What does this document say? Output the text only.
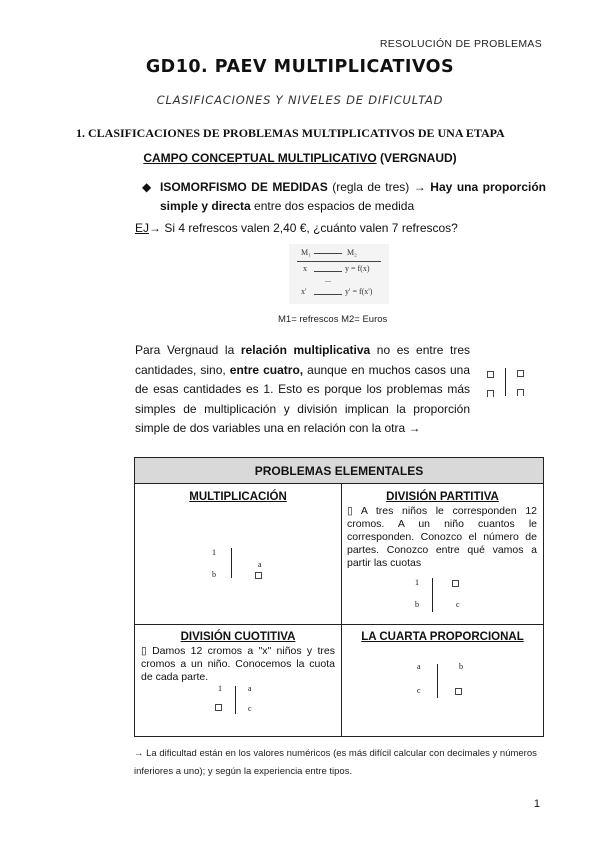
RESOLUCIÓN DE PROBLEMAS
GD10. PAEV MULTIPLICATIVOS
CLASIFICACIONES Y NIVELES DE DIFICULTAD
1. CLASIFICACIONES DE PROBLEMAS MULTIPLICATIVOS DE UNA ETAPA
CAMPO CONCEPTUAL MULTIPLICATIVO (VERGNAUD)
◆ ISOMORFISMO DE MEDIDAS (regla de tres) → Hay una proporción simple y directa entre dos espacios de medida
EJ→ Si 4 refrescos valen 2,40 €, ¿cuánto valen 7 refrescos?
M₁	M₂
x	y = f(x)
...
x'	y' = f(x')
M1= refrescos M2= Euros
Para Vergnaud la relación multiplicativa no es entre tres cantidades, sino, entre cuatro, aunque en muchos casos una de esas cantidades es 1. Esto es porque los problemas más simples de multiplicación y división implican la proporción simple de dos variables una en relación con la otra →
PROBLEMAS ELEMENTALES
MULTIPLICACIÓN
1
a
b
DIVISIÓN PARTITIVA
▯ A tres niños le corresponden 12 cromos. A un niño cuantos le corresponden. Conozco el número de partes. Conozco entre qué vamos a partir las cuotas
1
b	c
DIVISIÓN CUOTITIVA
▯ Damos 12 cromos a "x" niños y tres cromos a un niño. Conocemos la cuota de cada parte.
1	a
c
LA CUARTA PROPORCIONAL
a	b
c
→ La dificultad están en los valores numéricos (es más difícil calcular con decimales y números inferiores a uno); y según la experiencia entre tipos.
1
